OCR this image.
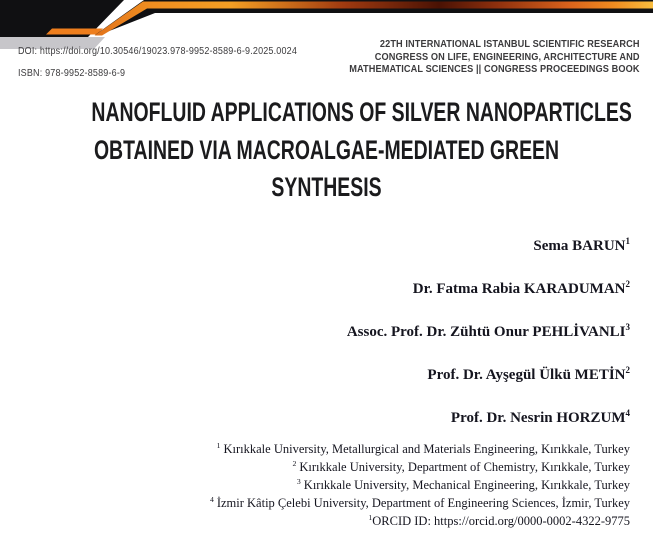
DOI: https://doi.org/10.30546/19023.978-9952-8589-6-9.2025.0024
ISBN: 978-9952-8589-6-9
22TH INTERNATIONAL ISTANBUL SCIENTIFIC RESEARCH
CONGRESS ON LIFE, ENGINEERING, ARCHITECTURE AND
MATHEMATICAL SCIENCES || CONGRESS PROCEEDINGS BOOK
NANOFLUID APPLICATIONS OF SILVER NANOPARTICLES
OBTAINED VIA MACROALGAE-MEDIATED GREEN
SYNTHESIS
Sema BARUN$^1$
Dr. Fatma Rabia KARADUMAN$^2$
Assoc. Prof. Dr. Zühtü Onur PEHLİVANLI$^3$
Prof. Dr. Ayşegül Ülkü METİN$^2$
Prof. Dr. Nesrin HORZUM$^4$
$^1$ Kırıkkale University, Metallurgical and Materials Engineering, Kırıkkale, Turkey
$^2$ Kırıkkale University, Department of Chemistry, Kırıkkale, Turkey
$^3$ Kırıkkale University, Mechanical Engineering, Kırıkkale, Turkey
$^4$ İzmir Kâtip Çelebi University, Department of Engineering Sciences, İzmir, Turkey
$^1$ORCID ID: https://orcid.org/0000-0002-4322-9775
